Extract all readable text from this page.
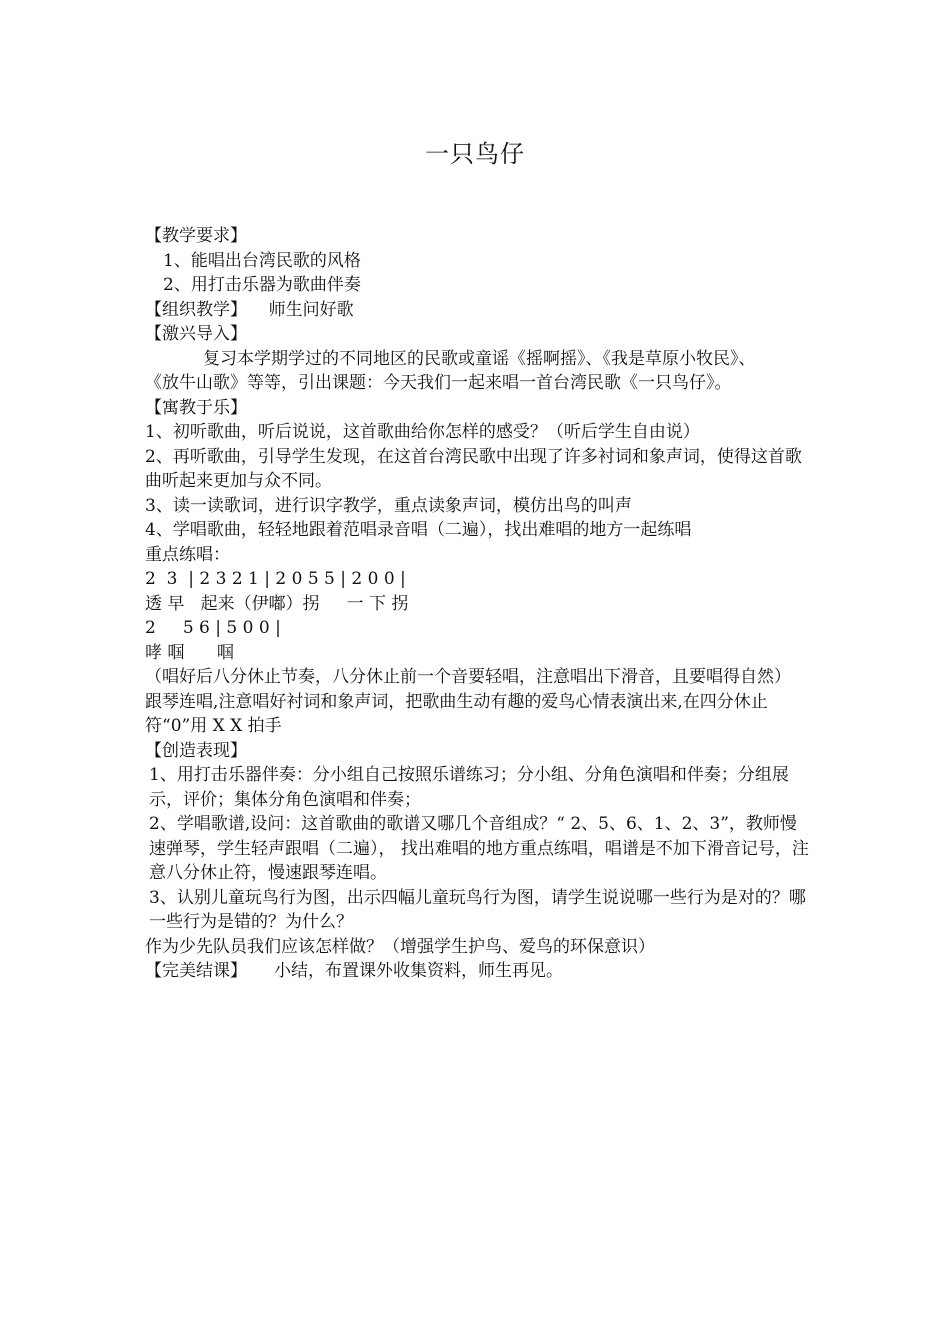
一只鸟仔
【教学要求】
1、能唱出台湾民歌的风格
2、用打击乐器为歌曲伴奏
【组织教学】    师生问好歌
【激兴导入】
复习本学期学过的不同地区的民歌或童谣《摇啊摇》、《我是草原小牧民》、
《放牛山歌》等等，引出课题：今天我们一起来唱一首台湾民歌《一只鸟仔》。
【寓教于乐】
1、初听歌曲，听后说说，这首歌曲给你怎样的感受？（听后学生自由说）
2、再听歌曲，引导学生发现，在这首台湾民歌中出现了许多衬词和象声词，使得这首歌曲听起来更加与众不同。
3、读一读歌词，进行识字教学，重点读象声词，模仿出鸟的叫声
4、学唱歌曲，轻轻地跟着范唱录音唱（二遍），找出难唱的地方一起练唱
重点练唱：
2  3  | 2 3 2 1 | 2 0 5 5 | 2 0 0 |
透 早   起来（伊嘟）拐     一 下 拐
2     5 6 | 5 0 0 |
哮 啯      啯
（唱好后八分休止节奏，八分休止前一个音要轻唱，注意唱出下滑音，且要唱得自然）
跟琴连唱,注意唱好衬词和象声词，把歌曲生动有趣的爱鸟心情表演出来,在四分休止符“0”用 X X 拍手
【创造表现】
1、用打击乐器伴奏：分小组自己按照乐谱练习；分小组、分角色演唱和伴奏；分组展示，评价；集体分角色演唱和伴奏；
2、学唱歌谱,设问：这首歌曲的歌谱又哪几个音组成？“ 2、5、6、1、2、3”，教师慢速弹琴，学生轻声跟唱（二遍）， 找出难唱的地方重点练唱，唱谱是不加下滑音记号，注意八分休止符，慢速跟琴连唱。
3、认别儿童玩鸟行为图，出示四幅儿童玩鸟行为图，请学生说说哪一些行为是对的？哪一些行为是错的？为什么？
作为少先队员我们应该怎样做？（增强学生护鸟、爱鸟的环保意识）
【完美结课】     小结，布置课外收集资料，师生再见。
